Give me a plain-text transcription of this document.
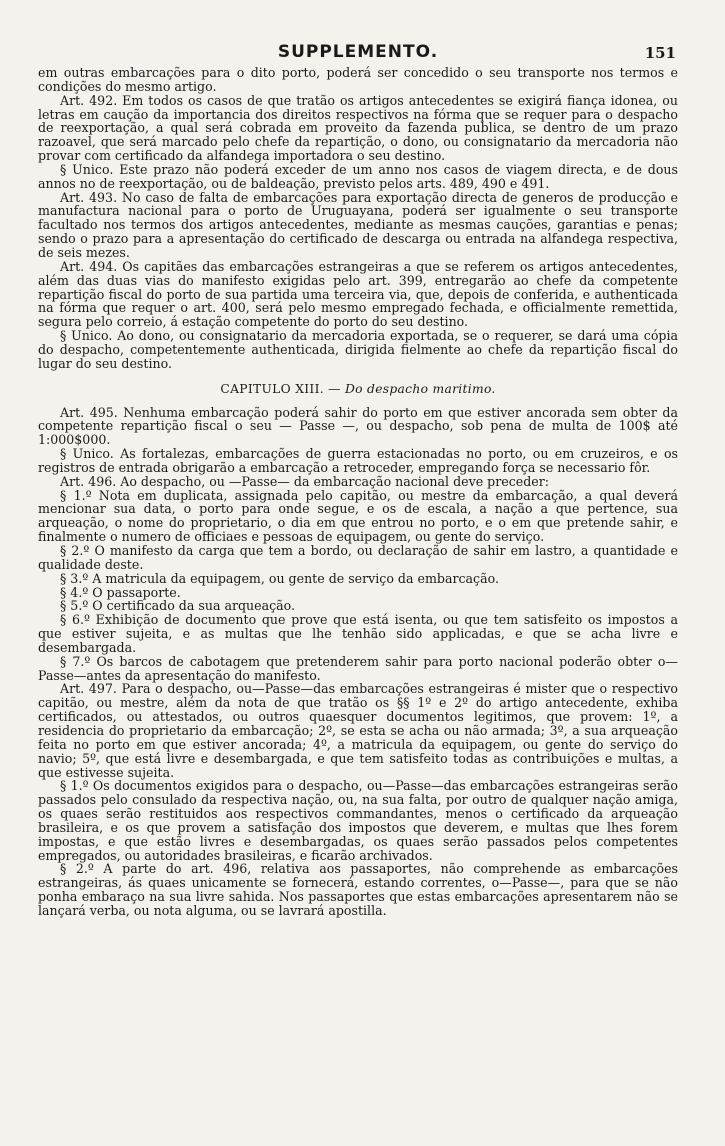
SUPPLEMENTO.	151

em outras embarcações para o dito porto, poderá ser concedido o seu transporte nos termos e condições do mesmo artigo.

Art. 492. Em todos os casos de que tratão os artigos antecedentes se exigirá fiança idonea, ou letras em caução da importancia dos direitos respectivos na fórma que se requer para o despacho de reexportação, a qual será cobrada em proveito da fazenda publica, se dentro de um prazo razoavel, que será marcado pelo chefe da repartição, o dono, ou consignatario da mercadoria não provar com certificado da alfandega importadora o seu destino.

§ Unico. Este prazo não poderá exceder de um anno nos casos de viagem directa, e de dous annos no de reexportação, ou de baldeação, previsto pelos arts. 489, 490 e 491.

Art. 493. No caso de falta de embarcações para exportação directa de generos de producção e manufactura nacional para o porto de Uruguayana, poderá ser igualmente o seu transporte facultado nos termos dos artigos antecedentes, mediante as mesmas cauções, garantias e penas; sendo o prazo para a apresentação do certificado de descarga ou entrada na alfandega respectiva, de seis mezes.

Art. 494. Os capitães das embarcações estrangeiras a que se referem os artigos antecedentes, além das duas vias do manifesto exigidas pelo art. 399, entregarão ao chefe da competente repartição fiscal do porto de sua partida uma terceira via, que, depois de conferida, e authenticada na fórma que requer o art. 400, será pelo mesmo empregado fechada, e officialmente remettida, segura pelo correio, á estação competente do porto do seu destino.

§ Unico. Ao dono, ou consignatario da mercadoria exportada, se o requerer, se dará uma cópia do despacho, competentemente authenticada, dirigida fielmente ao chefe da repartição fiscal do lugar do seu destino.

CAPITULO XIII. — Do despacho maritimo.

Art. 495. Nenhuma embarcação poderá sahir do porto em que estiver ancorada sem obter da competente repartição fiscal o seu — Passe —, ou despacho, sob pena de multa de 100$ até 1:000$000.

§ Unico. As fortalezas, embarcações de guerra estacionadas no porto, ou em cruzeiros, e os registros de entrada obrigarão a embarcação a retroceder, empregando força se necessario fôr.

Art. 496. Ao despacho, ou —Passe— da embarcação nacional deve preceder:

§ 1.º Nota em duplicata, assignada pelo capitão, ou mestre da embarcação, a qual deverá mencionar sua data, o porto para onde segue, e os de escala, a nação a que pertence, sua arqueação, o nome do proprietario, o dia em que entrou no porto, e o em que pretende sahir, e finalmente o numero de officiaes e pessoas de equipagem, ou gente do serviço.

§ 2.º O manifesto da carga que tem a bordo, ou declaração de sahir em lastro, a quantidade e qualidade deste.

§ 3.º A matricula da equipagem, ou gente de serviço da embarcação.

§ 4.º O passaporte.

§ 5.º O certificado da sua arqueação.

§ 6.º Exhibição de documento que prove que está isenta, ou que tem satisfeito os impostos a que estiver sujeita, e as multas que lhe tenhão sido applicadas, e que se acha livre e desembargada.

§ 7.º Os barcos de cabotagem que pretenderem sahir para porto nacional poderão obter o—Passe—antes da apresentação do manifesto.

Art. 497. Para o despacho, ou—Passe—das embarcações estrangeiras é mister que o respectivo capitão, ou mestre, além da nota de que tratão os §§ 1º e 2º do artigo antecedente, exhiba certificados, ou attestados, ou outros quaesquer documentos legitimos, que provem: 1º, a residencia do proprietario da embarcação; 2º, se esta se acha ou não armada; 3º, a sua arqueação feita no porto em que estiver ancorada; 4º, a matricula da equipagem, ou gente do serviço do navio; 5º, que está livre e desembargada, e que tem satisfeito todas as contribuições e multas, a que estivesse sujeita.

§ 1.º Os documentos exigidos para o despacho, ou—Passe—das embarcações estrangeiras serão passados pelo consulado da respectiva nação, ou, na sua falta, por outro de qualquer nação amiga, os quaes serão restituidos aos respectivos commandantes, menos o certificado da arqueação brasileira, e os que provem a satisfação dos impostos que deverem, e multas que lhes forem impostas, e que estão livres e desembargadas, os quaes serão passados pelos competentes empregados, ou autoridades brasileiras, e ficarão archivados.

§ 2.º A parte do art. 496, relativa aos passaportes, não comprehende as embarcações estrangeiras, ás quaes unicamente se fornecerá, estando correntes, o—Passe—, para que se não ponha embaraço na sua livre sahida. Nos passaportes que estas embarcações apresentarem não se lançará verba, ou nota alguma, ou se lavrará apostilla.
